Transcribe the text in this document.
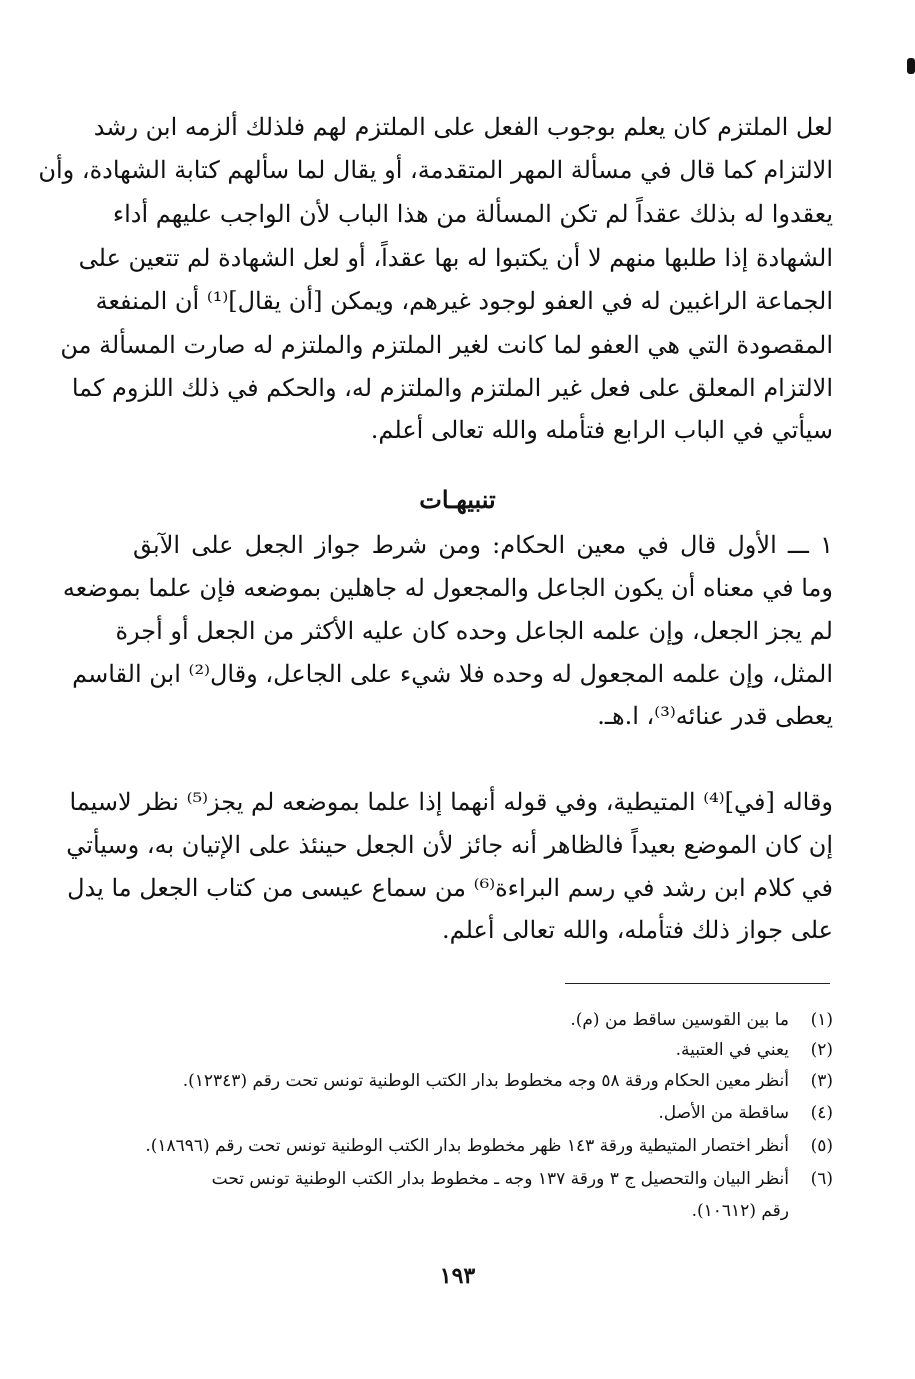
لعل الملتزم كان يعلم بوجوب الفعل على الملتزم لهم فلذلك ألزمه ابن رشد
الالتزام كما قال في مسألة المهر المتقدمة، أو يقال لما سألهم كتابة الشهادة، وأن
يعقدوا له بذلك عقداً لم تكن المسألة من هذا الباب لأن الواجب عليهم أداء
الشهادة إذا طلبها منهم لا أن يكتبوا له بها عقداً، أو لعل الشهادة لم تتعين على
الجماعة الراغبين له في العفو لوجود غيرهم، ويمكن [أن يقال]⁽¹⁾ أن المنفعة
المقصودة التي هي العفو لما كانت لغير الملتزم والملتزم له صارت المسألة من
الالتزام المعلق على فعل غير الملتزم والملتزم له، والحكم في ذلك اللزوم كما
سيأتي في الباب الرابع فتأمله والله تعالى أعلم.
تنبيهـات
١ ـــ الأول قال في معين الحكام: ومن شرط جواز الجعل على الآبق
وما في معناه أن يكون الجاعل والمجعول له جاهلين بموضعه فإن علما بموضعه
لم يجز الجعل، وإن علمه الجاعل وحده كان عليه الأكثر من الجعل أو أجرة
المثل، وإن علمه المجعول له وحده فلا شيء على الجاعل، وقال⁽²⁾ ابن القاسم
يعطى قدر عنائه⁽³⁾، ا.هـ.
وقاله [في]⁽⁴⁾ المتيطية، وفي قوله أنهما إذا علما بموضعه لم يجز⁽⁵⁾ نظر لاسيما
إن كان الموضع بعيداً فالظاهر أنه جائز لأن الجعل حينئذ على الإتيان به، وسيأتي
في كلام ابن رشد في رسم البراءة⁽⁶⁾ من سماع عيسى من كتاب الجعل ما يدل
على جواز ذلك فتأمله، والله تعالى أعلم.
(١)ما بين القوسين ساقط من (م).
(٢)يعني في العتبية.
(٣)أنظر معين الحكام ورقة ٥٨ وجه مخطوط بدار الكتب الوطنية تونس تحت رقم (١٢٣٤٣).
(٤)ساقطة من الأصل.
(٥)أنظر اختصار المتيطية ورقة ١٤٣ ظهر مخطوط بدار الكتب الوطنية تونس تحت رقم (١٨٦٩٦).
(٦)أنظر البيان والتحصيل ج ٣ ورقة ١٣٧ وجه ـ مخطوط بدار الكتب الوطنية تونس تحت
رقم (١٠٦١٢).
١٩٣
